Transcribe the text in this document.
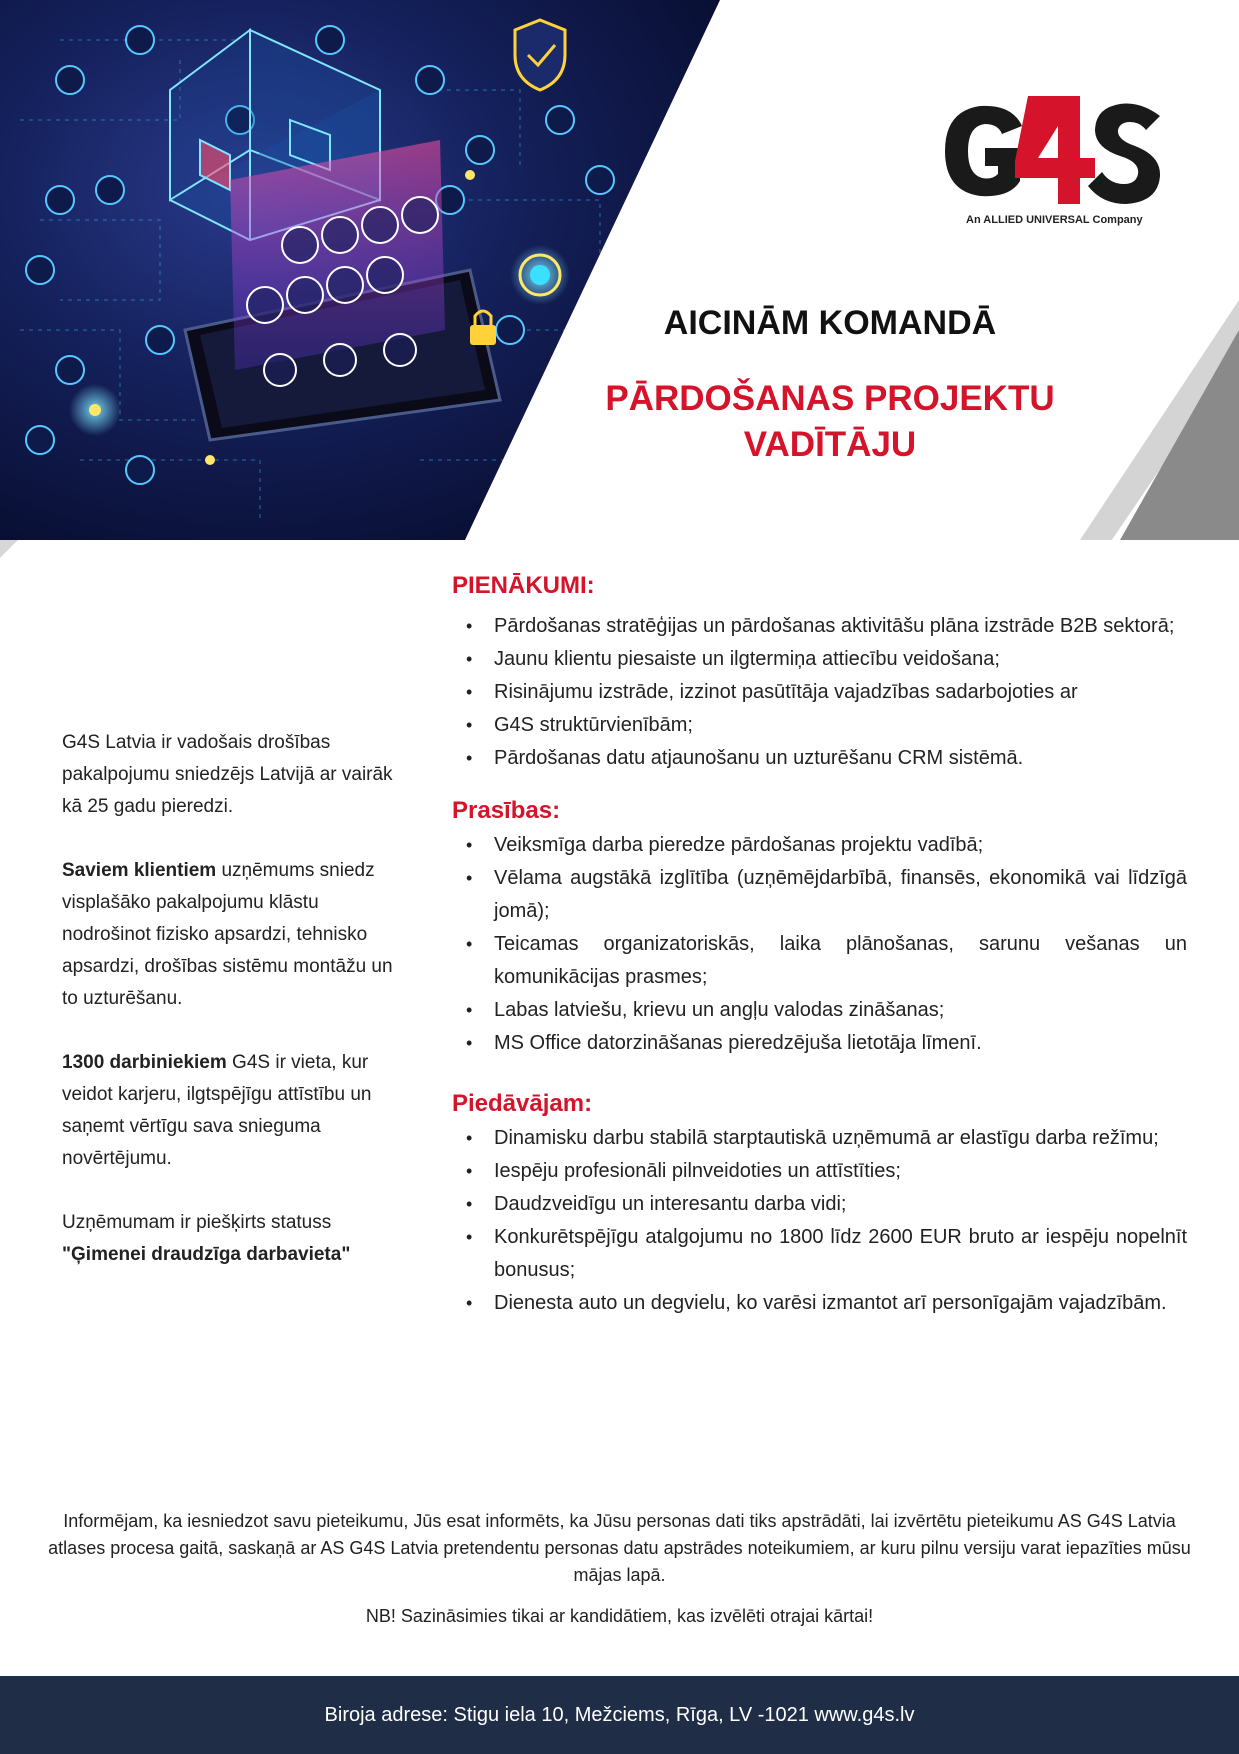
An ALLIED UNIVERSAL Company
AICINĀM KOMANDĀ
PĀRDOŠANAS PROJEKTU
VADĪTĀJU

G4S Latvia ir vadošais drošības pakalpojumu sniedzējs Latvijā ar vairāk kā 25 gadu pieredzi.

Saviem klientiem uzņēmums sniedz visplašāko pakalpojumu klāstu nodrošinot fizisko apsardzi, tehnisko apsardzi, drošības sistēmu montāžu un to uzturēšanu.

1300 darbiniekiem G4S ir vieta, kur veidot karjeru, ilgtspējīgu attīstību un saņemt vērtīgu sava snieguma novērtējumu.

Uzņēmumam ir piešķirts statuss
"Ģimenei draudzīga darbavieta"

PIENĀKUMI:
• Pārdošanas stratēģijas un pārdošanas aktivitāšu plāna izstrāde B2B sektorā;
• Jaunu klientu piesaiste un ilgtermiņa attiecību veidošana;
• Risinājumu izstrāde, izzinot pasūtītāja vajadzības sadarbojoties ar
• G4S struktūrvienībām;
• Pārdošanas datu atjaunošanu un uzturēšanu CRM sistēmā.
Prasības:
• Veiksmīga darba pieredze pārdošanas projektu vadībā;
• Vēlama augstākā izglītība (uzņēmējdarbībā, finansēs, ekonomikā vai līdzīgā jomā);
• Teicamas organizatoriskās, laika plānošanas, sarunu vešanas un komunikācijas prasmes;
• Labas latviešu, krievu un angļu valodas zināšanas;
• MS Office datorzināšanas pieredzējuša lietotāja līmenī.
Piedāvājam:
• Dinamisku darbu stabilā starptautiskā uzņēmumā ar elastīgu darba režīmu;
• Iespēju profesionāli pilnveidoties un attīstīties;
• Daudzveidīgu un interesantu darba vidi;
• Konkurētspējīgu atalgojumu no 1800 līdz 2600 EUR bruto ar iespēju nopelnīt bonusus;
• Dienesta auto un degvielu, ko varēsi izmantot arī personīgajām vajadzībām.
Informējam, ka iesniedzot savu pieteikumu, Jūs esat informēts, ka Jūsu personas dati tiks apstrādāti, lai izvērtētu pieteikumu AS G4S Latvia atlases procesa gaitā, saskaņā ar AS G4S Latvia pretendentu personas datu apstrādes noteikumiem, ar kuru pilnu versiju varat iepazīties mūsu mājas lapā.
NB! Sazināsimies tikai ar kandidātiem, kas izvēlēti otrajai kārtai!
Biroja adrese: Stigu iela 10, Mežciems, Rīga, LV -1021 www.g4s.lv
